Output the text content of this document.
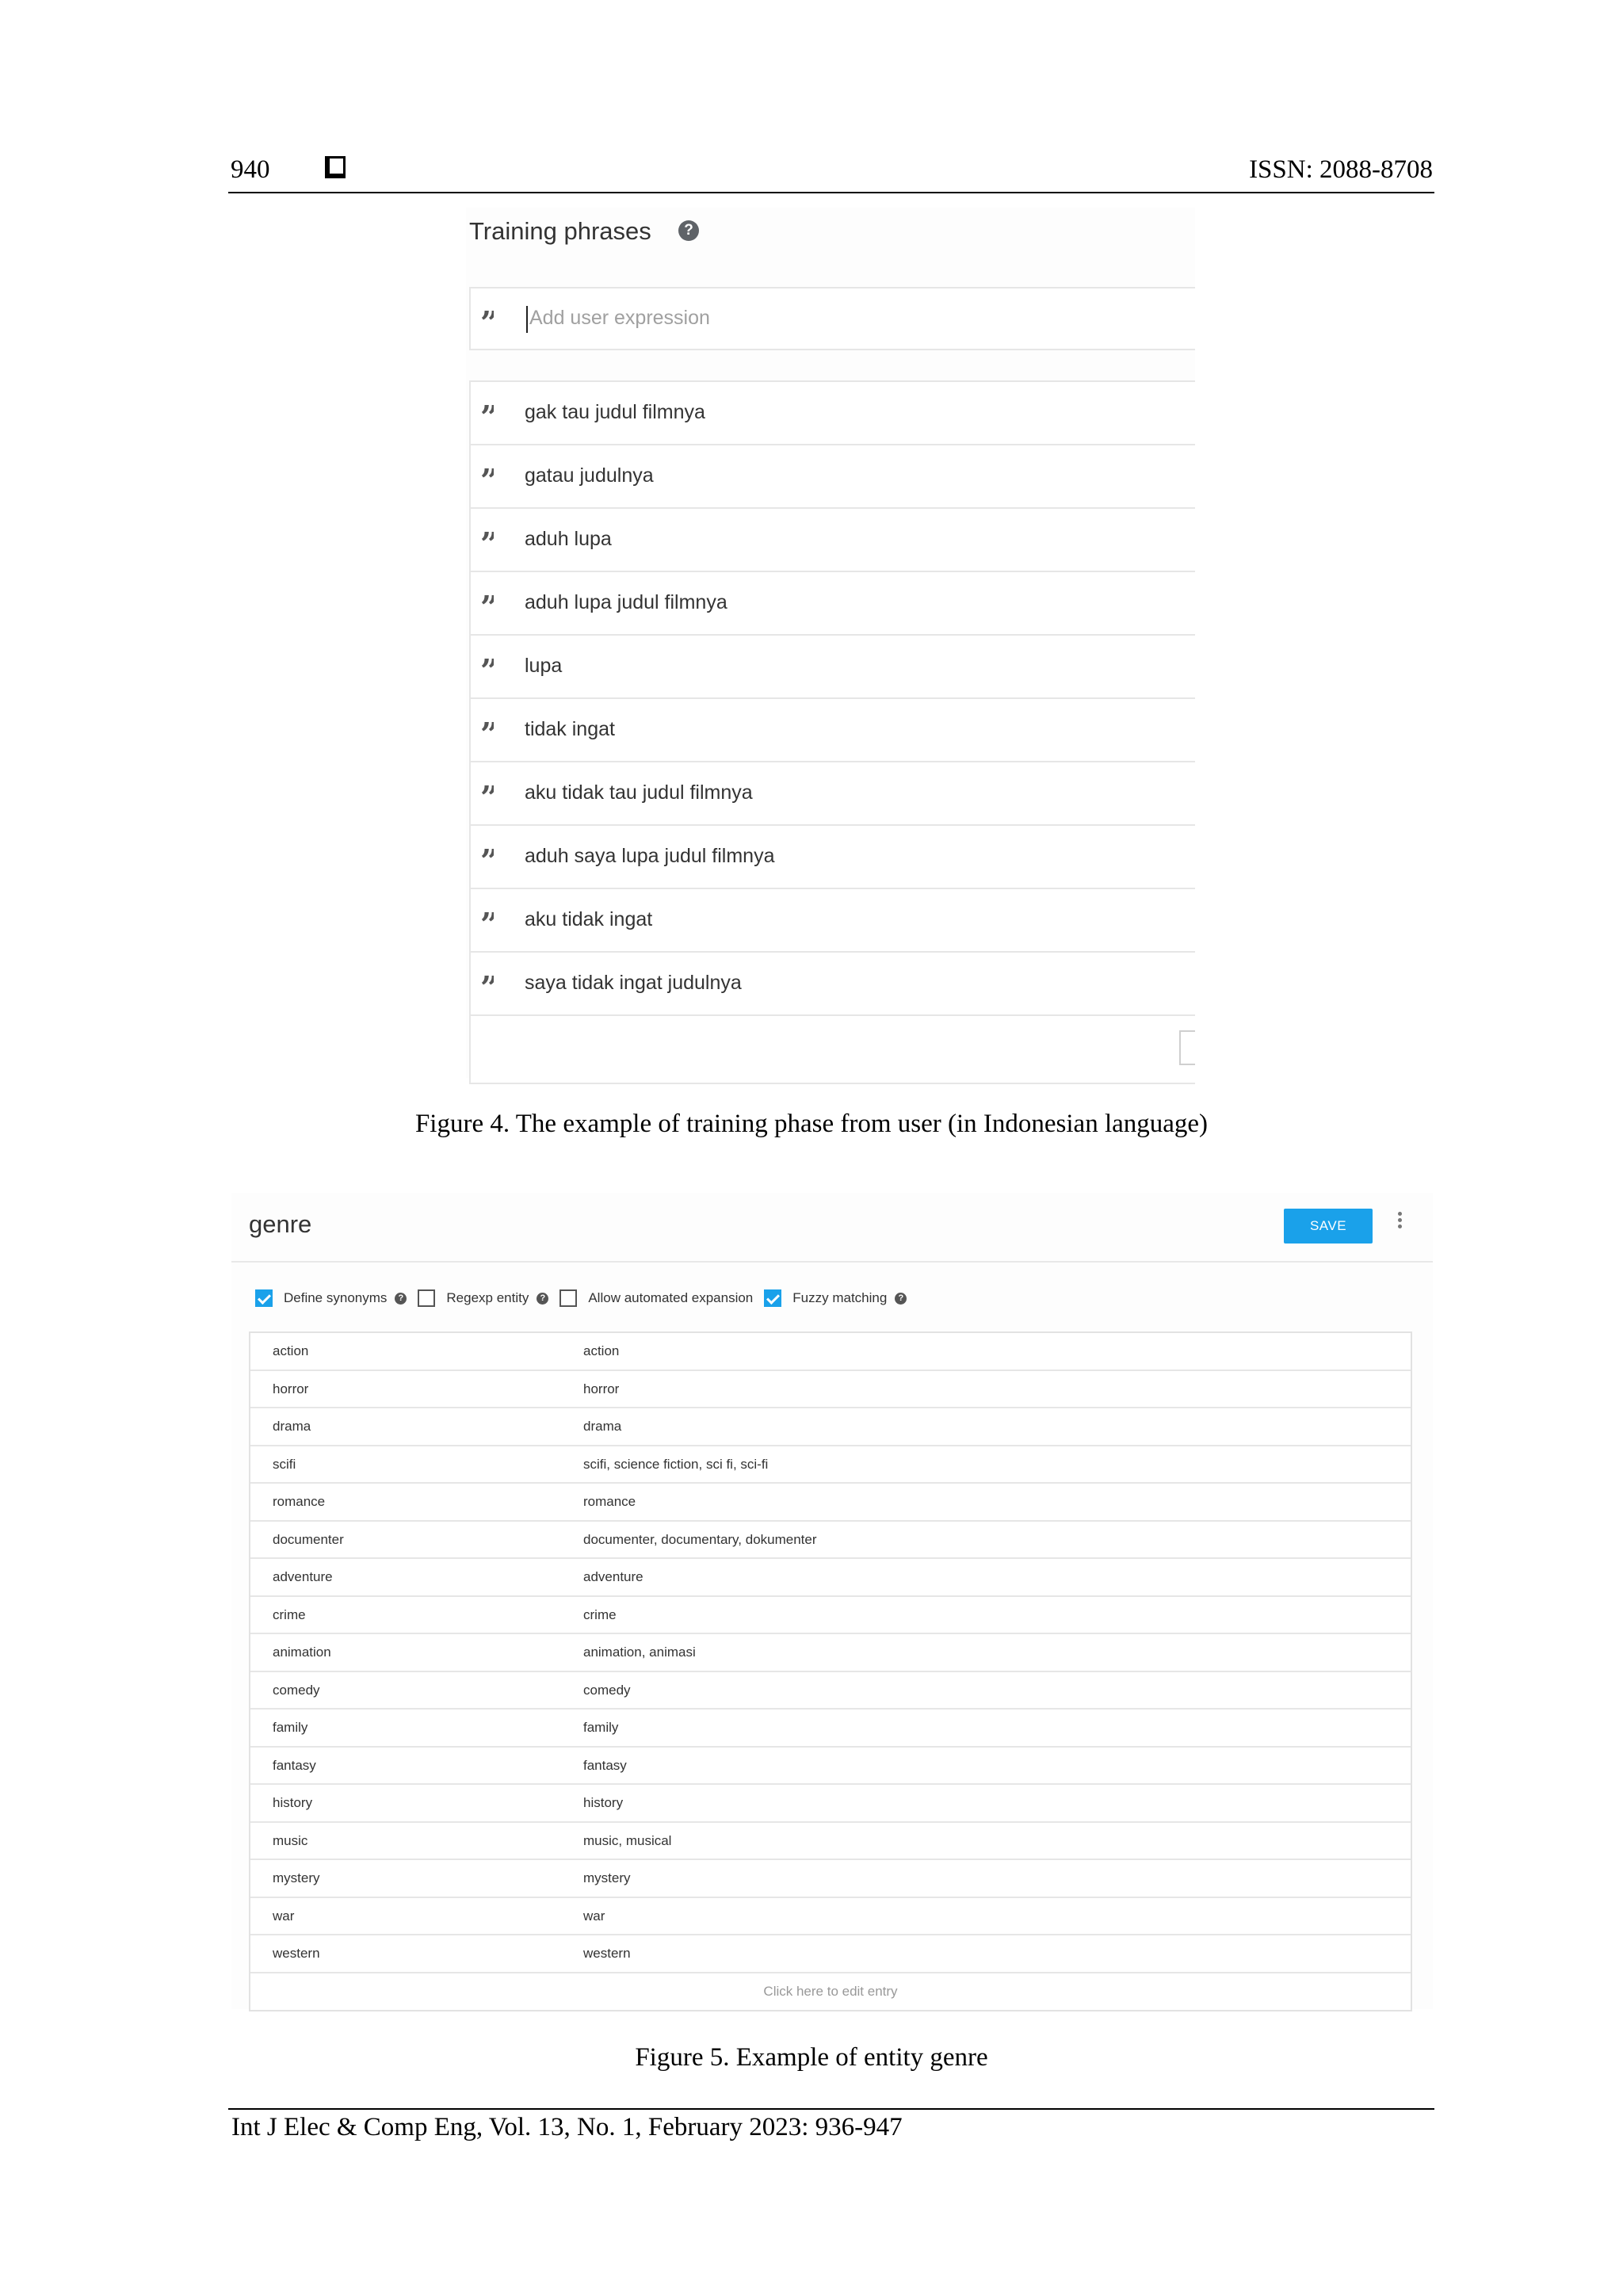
940	ISSN: 2088-8708
Training phrases	?
” Add user expression
” gak tau judul filmnya
” gatau judulnya
” aduh lupa
” aduh lupa judul filmnya
” lupa
” tidak ingat
” aku tidak tau judul filmnya
” aduh saya lupa judul filmnya
” aku tidak ingat
” saya tidak ingat judulnya
Figure 4. The example of training phase from user (in Indonesian language)
genre	SAVE
Define synonyms	?	Regexp entity	?	Allow automated expansion	Fuzzy matching	?
action	action
horror	horror
drama	drama
scifi	scifi, science fiction, sci fi, sci-fi
romance	romance
documenter	documenter, documentary, dokumenter
adventure	adventure
crime	crime
animation	animation, animasi
comedy	comedy
family	family
fantasy	fantasy
history	history
music	music, musical
mystery	mystery
war	war
western	western
Click here to edit entry
Figure 5. Example of entity genre
Int J Elec & Comp Eng, Vol. 13, No. 1, February 2023: 936-947
